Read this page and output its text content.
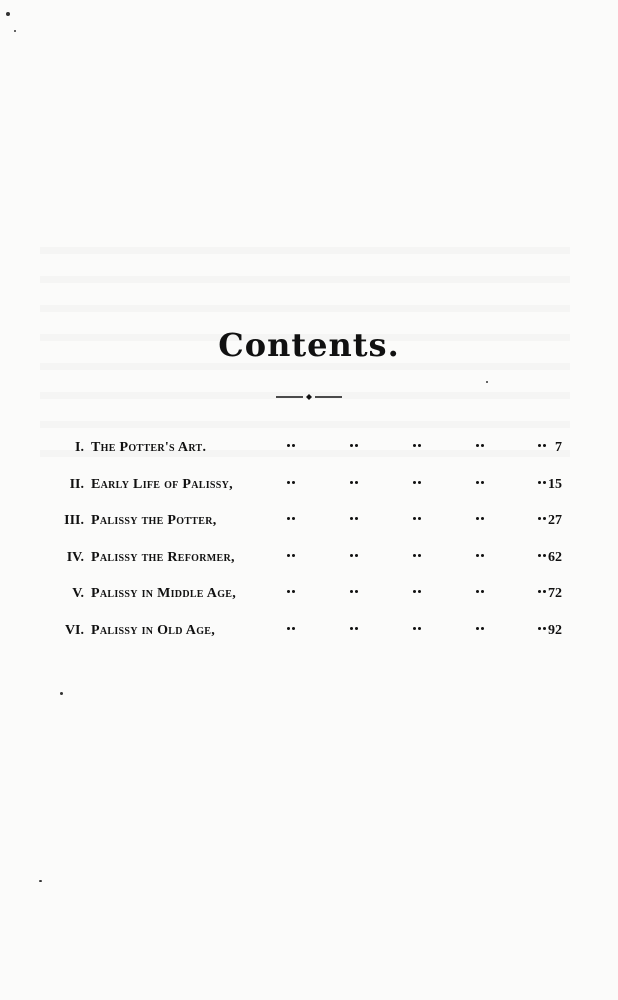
Contents.
I. The Potter's Art.	7
II. Early Life of Palissy,	15
III. Palissy the Potter,	27
IV. Palissy the Reformer,	62
V. Palissy in Middle Age,	72
VI. Palissy in Old Age,	92
